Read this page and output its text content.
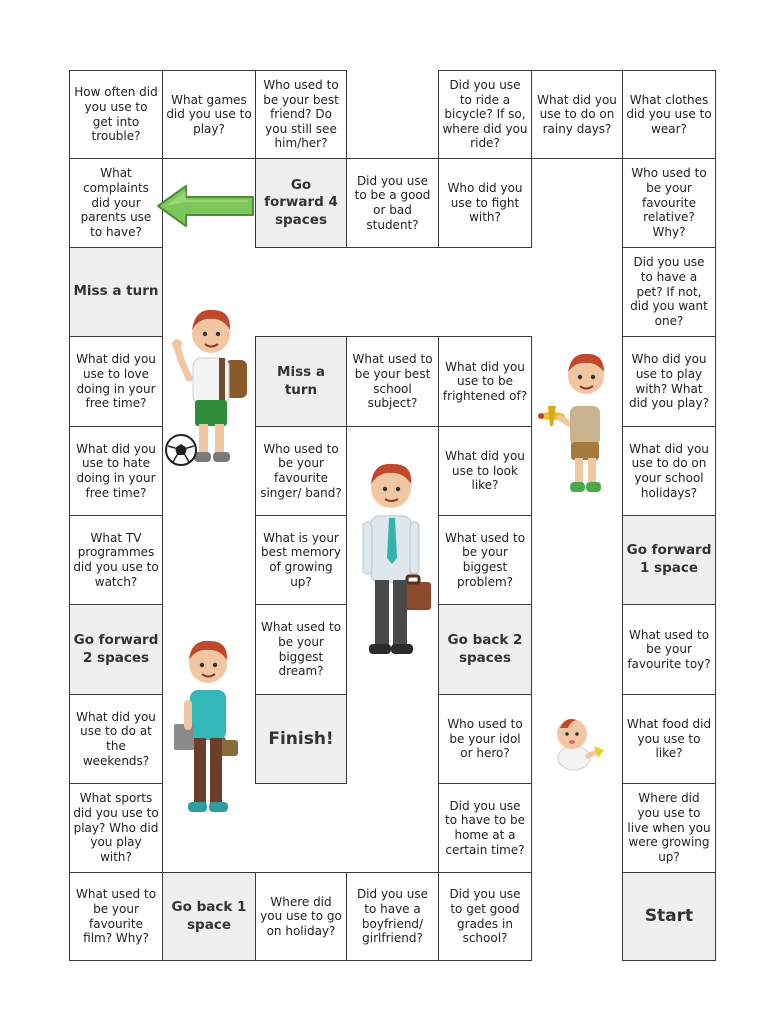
How often did you use to get into trouble?
What games did you use to play?
Who used to be your best friend? Do you still see him/her?
Did you use to ride a bicycle? If so, where did you ride?
What did you use to do on rainy days?
What clothes did you use to wear?
What complaints did your parents use to have?
Go forward 4 spaces
Did you use to be a good or bad student?
Who did you use to fight with?
Who used to be your favourite relative? Why?
Miss a turn
Did you use to have a pet? If not, did you want one?
What did you use to love doing in your free time?
Miss a turn
What used to be your best school subject?
What did you use to be frightened of?
Who did you use to play with? What did you play?
What did you use to hate doing in your free time?
Who used to be your favourite singer/ band?
What did you use to look like?
What did you use to do on your school holidays?
What TV programmes did you use to watch?
What is your best memory of growing up?
What used to be your biggest problem?
Go forward 1 space
Go forward 2 spaces
What used to be your biggest dream?
Go back 2 spaces
What used to be your favourite toy?
What did you use to do at the weekends?
Finish!
Who used to be your idol or hero?
What food did you use to like?
What sports did you use to play? Who did you play with?
Did you use to have to be home at a certain time?
Where did you use to live when you were growing up?
What used to be your favourite film? Why?
Go back 1 space
Where did you use to go on holiday?
Did you use to have a boyfriend/ girlfriend?
Did you use to get good grades in school?
Start
